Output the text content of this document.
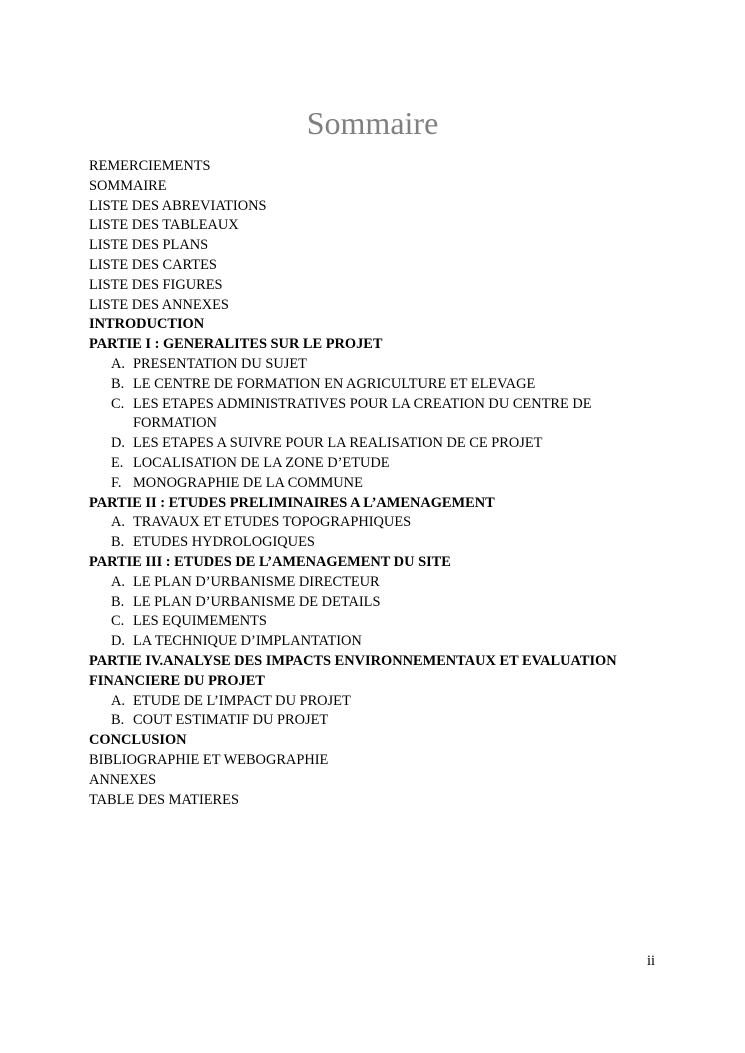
Sommaire
REMERCIEMENTS
SOMMAIRE
LISTE DES ABREVIATIONS
LISTE DES TABLEAUX
LISTE DES PLANS
LISTE DES CARTES
LISTE DES FIGURES
LISTE DES ANNEXES
INTRODUCTION
PARTIE I : GENERALITES SUR LE PROJET
A. PRESENTATION DU SUJET
B. LE CENTRE DE FORMATION EN AGRICULTURE ET ELEVAGE
C. LES ETAPES ADMINISTRATIVES POUR LA CREATION DU CENTRE DE FORMATION
D. LES ETAPES A SUIVRE POUR LA REALISATION DE CE PROJET
E. LOCALISATION DE LA ZONE D’ETUDE
F. MONOGRAPHIE DE LA COMMUNE
PARTIE II : ETUDES PRELIMINAIRES A L’AMENAGEMENT
A. TRAVAUX ET ETUDES TOPOGRAPHIQUES
B. ETUDES HYDROLOGIQUES
PARTIE III : ETUDES DE L’AMENAGEMENT DU SITE
A. LE PLAN D’URBANISME DIRECTEUR
B. LE PLAN D’URBANISME DE DETAILS
C. LES EQUIMEMENTS
D. LA TECHNIQUE D’IMPLANTATION
PARTIE IV.ANALYSE DES IMPACTS ENVIRONNEMENTAUX ET EVALUATION FINANCIERE DU PROJET
A. ETUDE DE L’IMPACT DU PROJET
B. COUT ESTIMATIF DU PROJET
CONCLUSION
BIBLIOGRAPHIE ET WEBOGRAPHIE
ANNEXES
TABLE DES MATIERES
ii
